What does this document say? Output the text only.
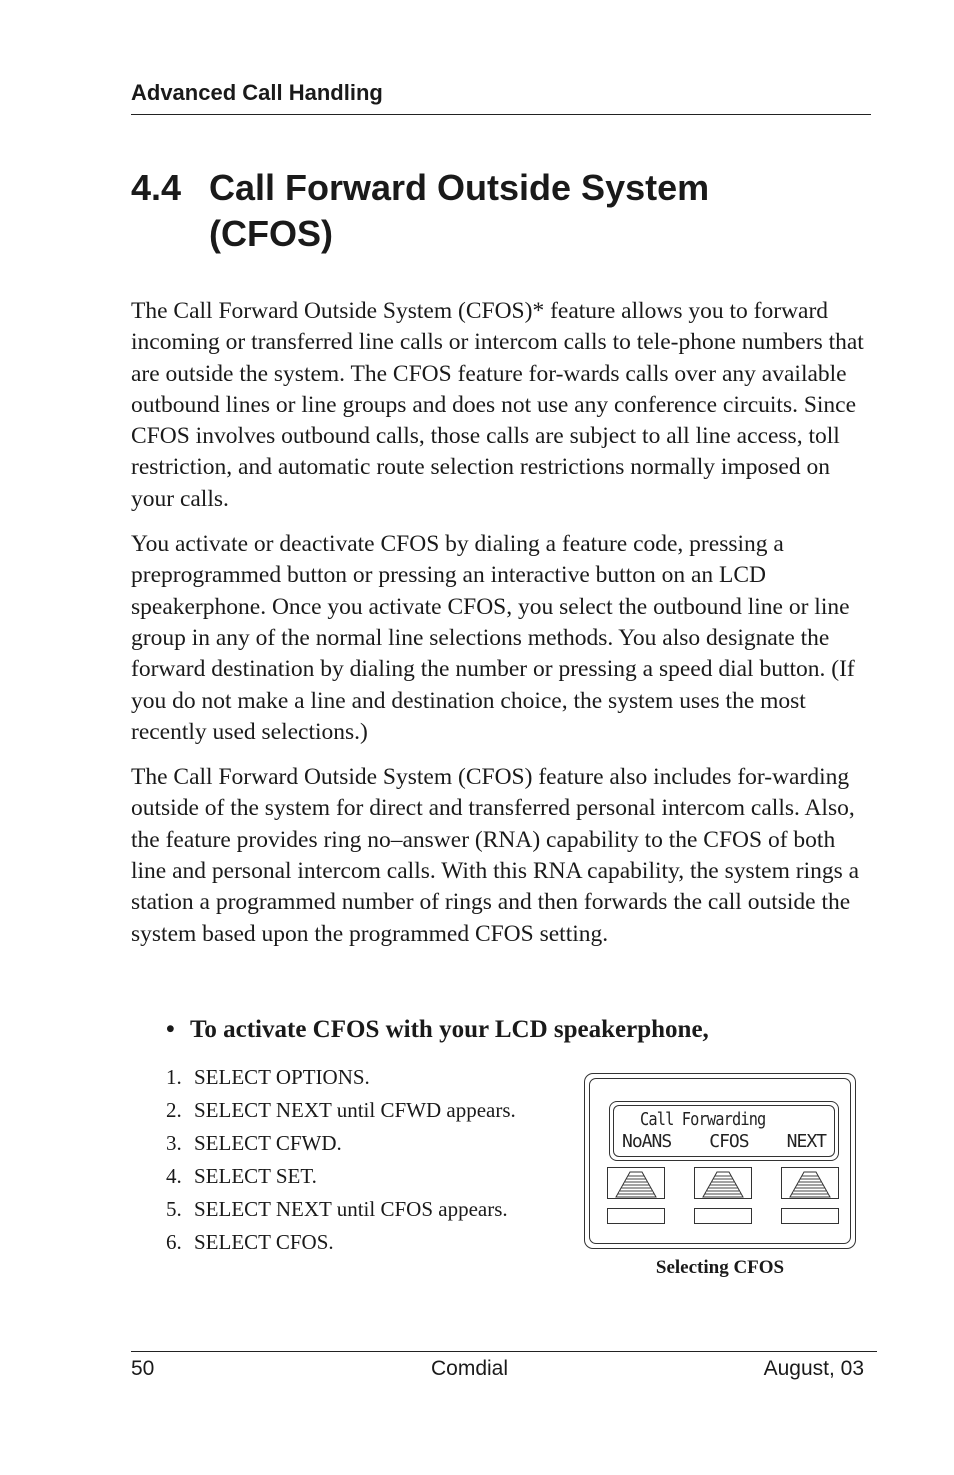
Advanced Call Handling
4.4 Call Forward Outside System (CFOS)

The Call Forward Outside System (CFOS)* feature allows you to forward incoming or transferred line calls or intercom calls to tele-phone numbers that are outside the system. The CFOS feature for-wards calls over any available outbound lines or line groups and does not use any conference circuits. Since CFOS involves outbound calls, those calls are subject to all line access, toll restriction, and automatic route selection restrictions normally imposed on your calls.

You activate or deactivate CFOS by dialing a feature code, pressing a preprogrammed button or pressing an interactive button on an LCD speakerphone. Once you activate CFOS, you select the outbound line or line group in any of the normal line selections methods. You also designate the forward destination by dialing the number or pressing a speed dial button. (If you do not make a line and destination choice, the system uses the most recently used selections.)

The Call Forward Outside System (CFOS) feature also includes for-warding outside of the system for direct and transferred personal intercom calls. Also, the feature provides ring no–answer (RNA) capability to the CFOS of both line and personal intercom calls. With this RNA capability, the system rings a station a programmed number of rings and then forwards the call outside the system based upon the programmed CFOS setting.

• To activate CFOS with your LCD speakerphone,
1. SELECT OPTIONS.
2. SELECT NEXT until CFWD appears.
3. SELECT CFWD.
4. SELECT SET.
5. SELECT NEXT until CFOS appears.
6. SELECT CFOS.
Call Forwarding
NoANS CFOS NEXT
Selecting CFOS
50	Comdial	August, 03
